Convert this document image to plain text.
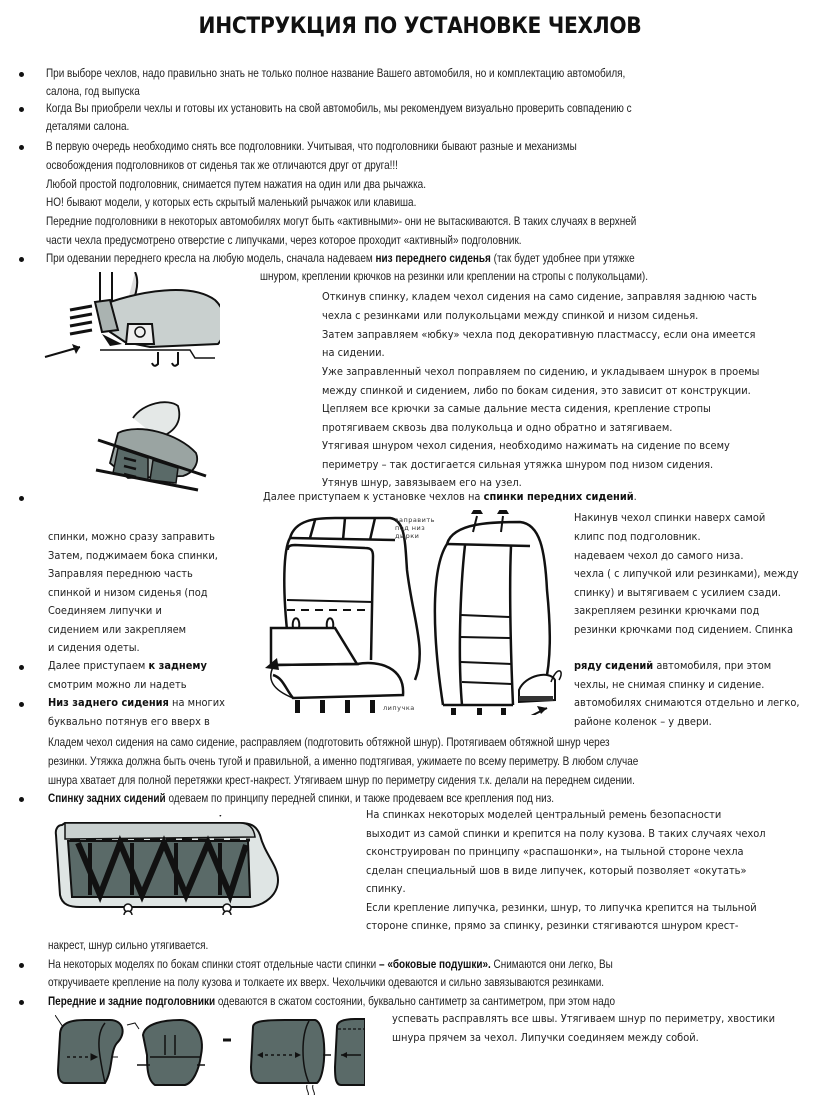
ИНСТРУКЦИЯ ПО УСТАНОВКЕ ЧЕХЛОВ
При выборе чехлов, надо правильно знать не только полное название Вашего автомобиля, но и комплектацию автомобиля,
салона, год выпуска
Когда Вы приобрели чехлы и готовы их установить на свой автомобиль, мы рекомендуем визуально проверить совпадению с
деталями салона.
В первую очередь необходимо снять все подголовники. Учитывая, что подголовники бывают разные и механизмы
освобождения подголовников от сиденья так же отличаются друг от друга!!!
Любой простой подголовник, снимается путем нажатия на один или два рычажка.
НО! бывают модели, у которых есть скрытый маленький рычажок или клавиша.
Передние подголовники в некоторых автомобилях могут быть «активными»- они не вытаскиваются. В таких случаях в верхней
части чехла предусмотрено отверстие с липучками, через которое проходит «активный» подголовник.
При одевании переднего кресла на любую модель, сначала надеваем низ переднего сиденья (так будет удобнее при утяжке
шнуром, креплении крючков на резинки или креплении на стропы с полукольцами).
Откинув спинку, кладем чехол сидения на само сидение, заправляя заднюю часть
чехла с резинками или полукольцами между спинкой и низом сиденья.
Затем заправляем «юбку» чехла под декоративную пластмассу, если она имеется
на сидении.
Уже заправленный чехол поправляем по сидению, и укладываем шнурок в проемы
между спинкой и сидением, либо по бокам сидения, это зависит от конструкции.
Цепляем все крючки за самые дальние места сидения, крепление стропы
протягиваем сквозь два полукольца и одно обратно и затягиваем.
Утягивая шнуром чехол сидения, необходимо нажимать на сидение по всему
периметру – так достигается сильная утяжка шнуром под низом сидения.
Утянув шнур, завязываем его на узел.
Далее приступаем к установке чехлов на спинки передних сидений.
спинки, можно сразу заправить
Затем, поджимаем бока спинки,
Заправляя переднюю часть
спинкой и низом сиденья (под
Соединяем липучки и
сидением или закрепляем
и сидения одеты.
Накинув чехол спинки наверх самой
клипс под подголовник.
надеваем чехол до самого низа.
чехла ( с липучкой или резинками), между
спинку) и вытягиваем с усилием сзади.
закрепляем резинки крючками под
резинки крючками под сидением. Спинка
липучка
заправить
под низ
дырки
Далее приступаем к заднему	ряду сидений автомобиля, при этом
смотрим можно ли надеть	чехлы, не снимая спинку и сидение.
Низ заднего сидения на многих	автомобилях снимаются отдельно и легко,
буквально потянув его вверх в	районе коленок – у двери.
Кладем чехол сидения на само сидение, расправляем (подготовить обтяжной шнур). Протягиваем обтяжной шнур через
резинки. Утяжка должна быть очень тугой и правильной, а именно подтягивая, ужимаете по всему периметру. В любом случае
шнура хватает для полной перетяжки крест-накрест. Утягиваем шнур по периметру сидения т.к. делали на переднем сидении.
Спинку задних сидений одеваем по принципу передней спинки, и также продеваем все крепления под низ.
На спинках некоторых моделей центральный ремень безопасности
выходит из самой спинки и крепится на полу кузова. В таких случаях чехол
сконструирован по принципу «распашонки», на тыльной стороне чехла
сделан специальный шов в виде липучек, который позволяет «окутать»
спинку.
Если крепление липучка, резинки, шнур, то липучка крепится на тыльной
стороне спинке, прямо за спинку, резинки стягиваются шнуром крест-
накрест, шнур сильно утягивается.
На некоторых моделях по бокам спинки стоят отдельные части спинки – «боковые подушки». Снимаются они легко, Вы
откручиваете крепление на полу кузова и толкаете их вверх. Чехольчики одеваются и сильно завязываются резинками.
Передние и задние подголовники одеваются в сжатом состоянии, буквально сантиметр за сантиметром, при этом надо
успевать расправлять все швы. Утягиваем шнур по периметру, хвостики
шнура прячем за чехол. Липучки соединяем между собой.
